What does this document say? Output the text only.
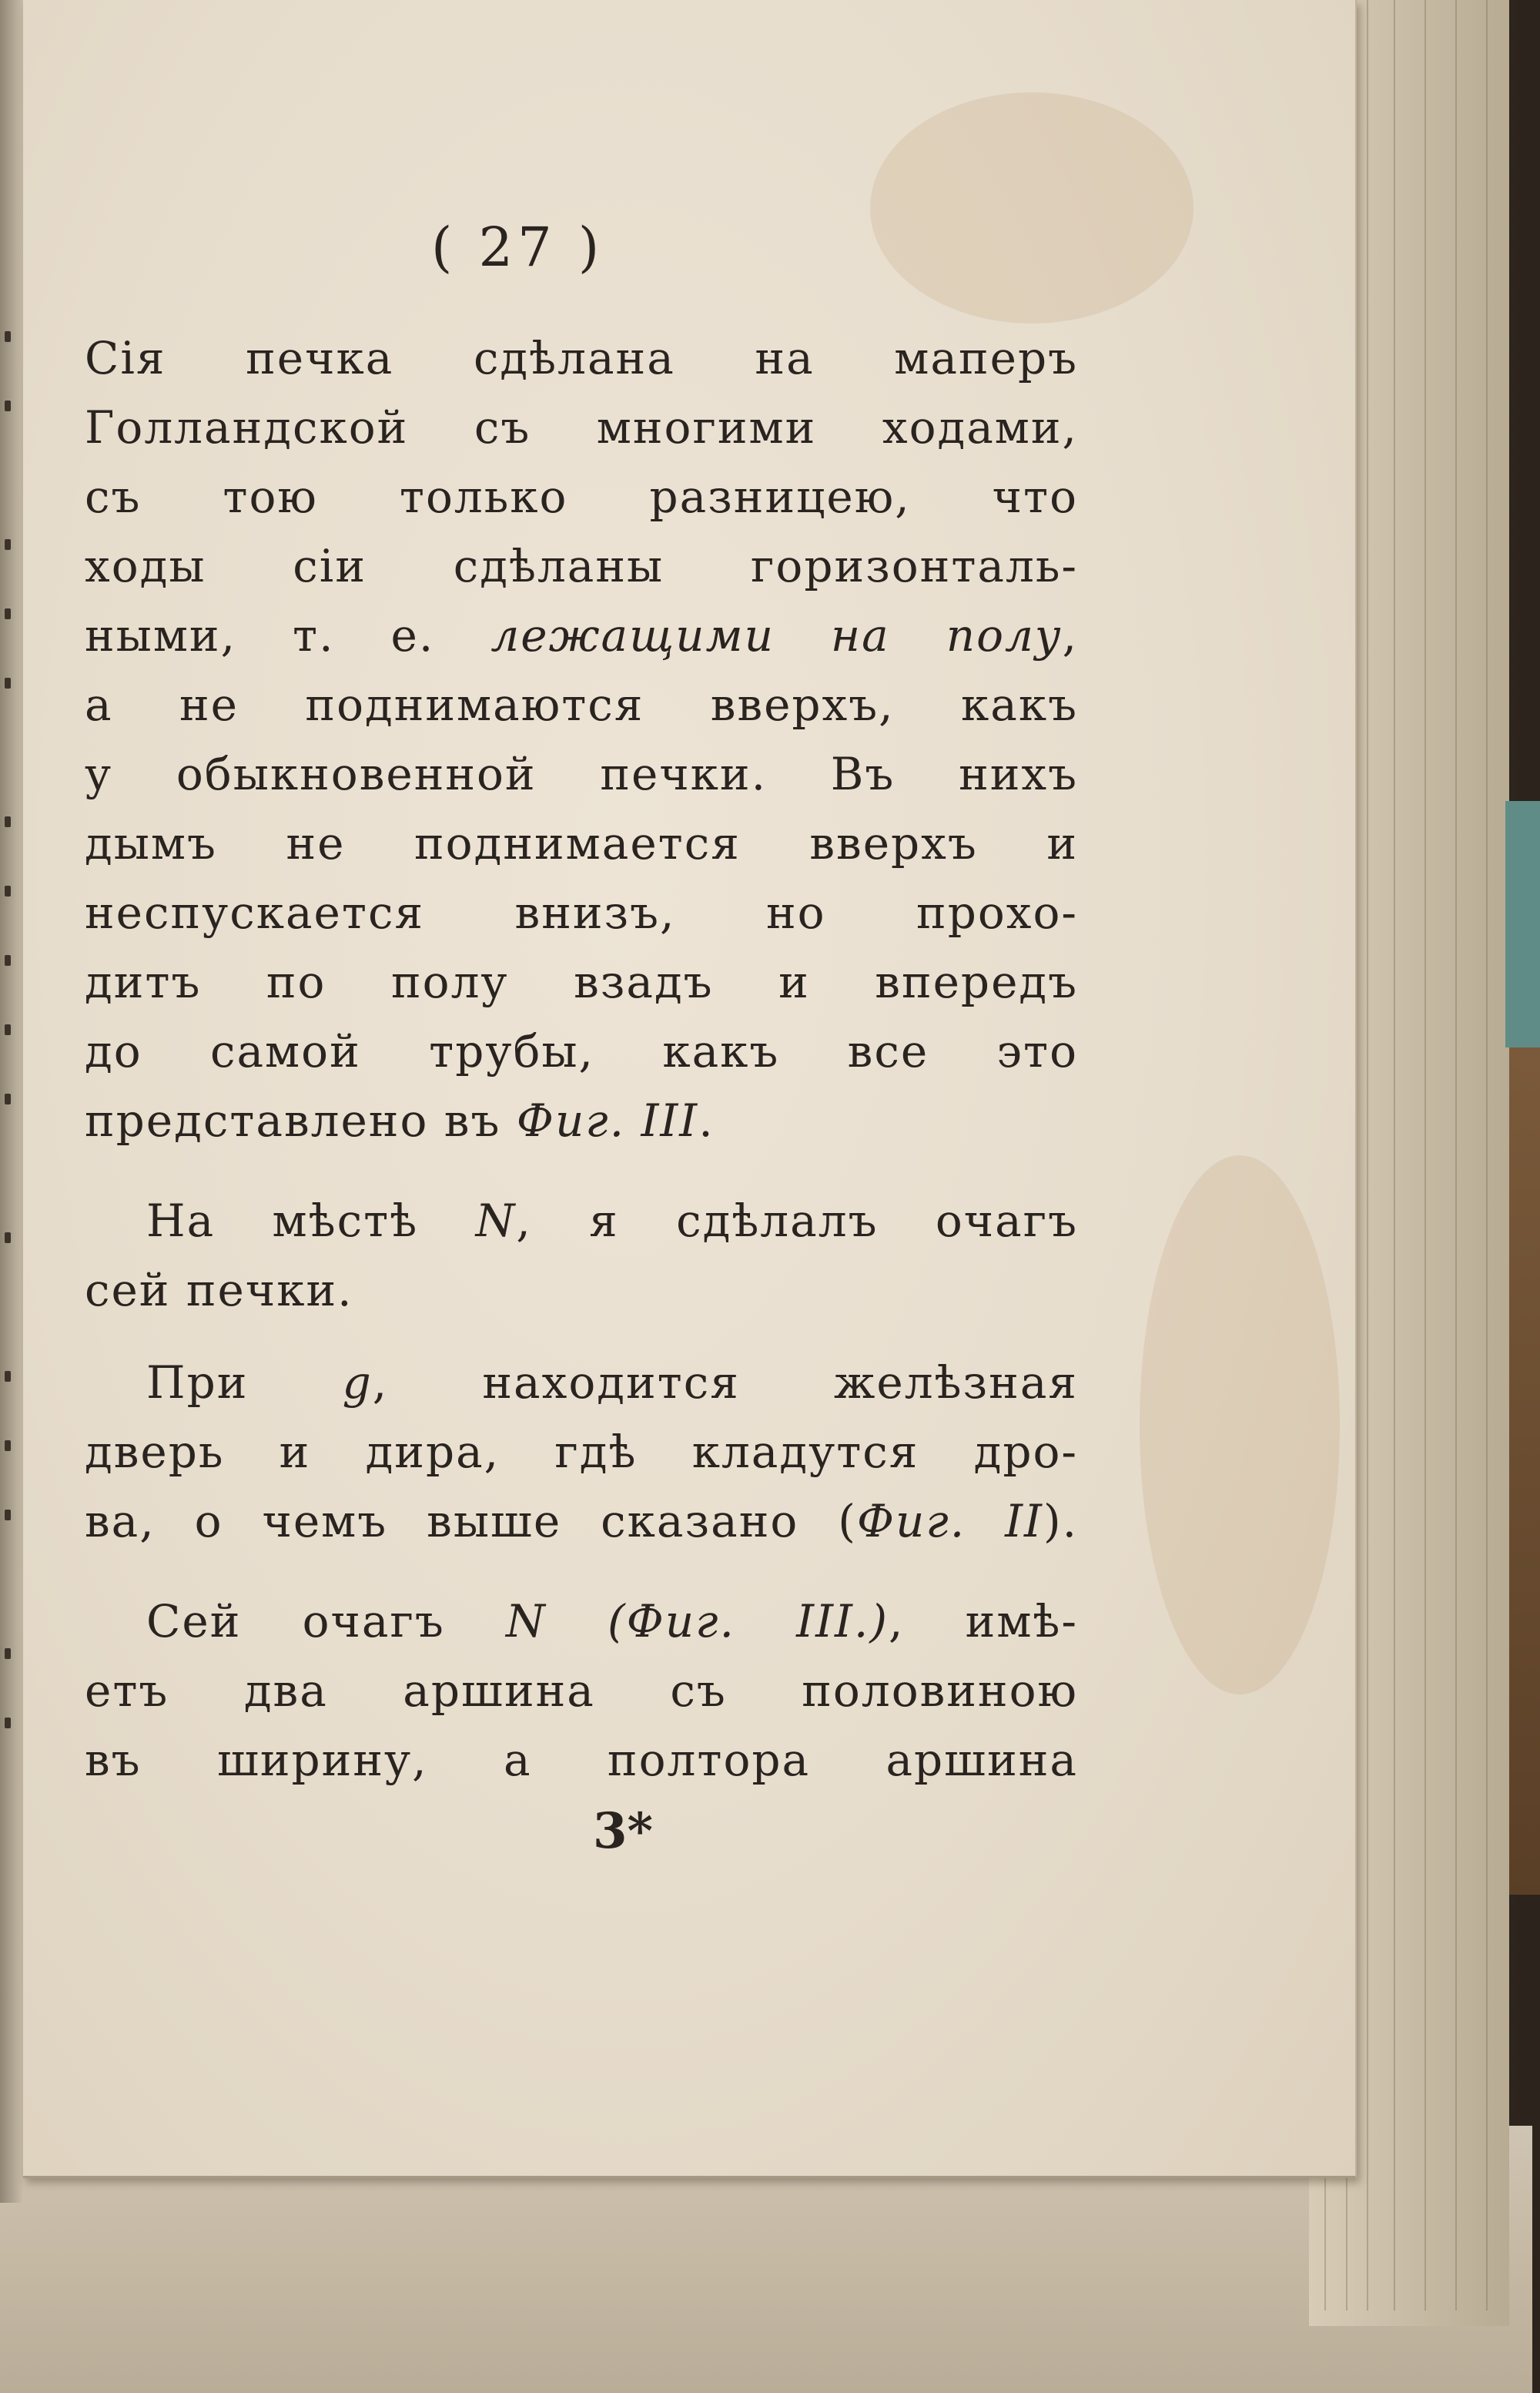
( 27 )
Сія печка сдѣлана на маперъ
Голландской съ многими ходами,
съ тою только разницею, что
ходы сіи сдѣланы горизонталь-
ными, т. е. лежащими на полу,
а не поднимаются вверхъ, какъ
у обыкновенной печки. Въ нихъ
дымъ не поднимается вверхъ и
неспускается внизъ, но прохо-
дитъ по полу взадъ и впередъ
до самой трубы, какъ все это
представлено въ Фиг. III.
На мѣстѣ N, я сдѣлалъ очагъ
сей печки.
При g, находится желѣзная
дверь и дира, гдѣ кладутся дро-
ва, о чемъ выше сказано (Фиг. II).
Сей очагъ N (Фиг. III.), имѣ-
етъ два аршина съ половиною
въ ширину, а полтора аршина
3*
